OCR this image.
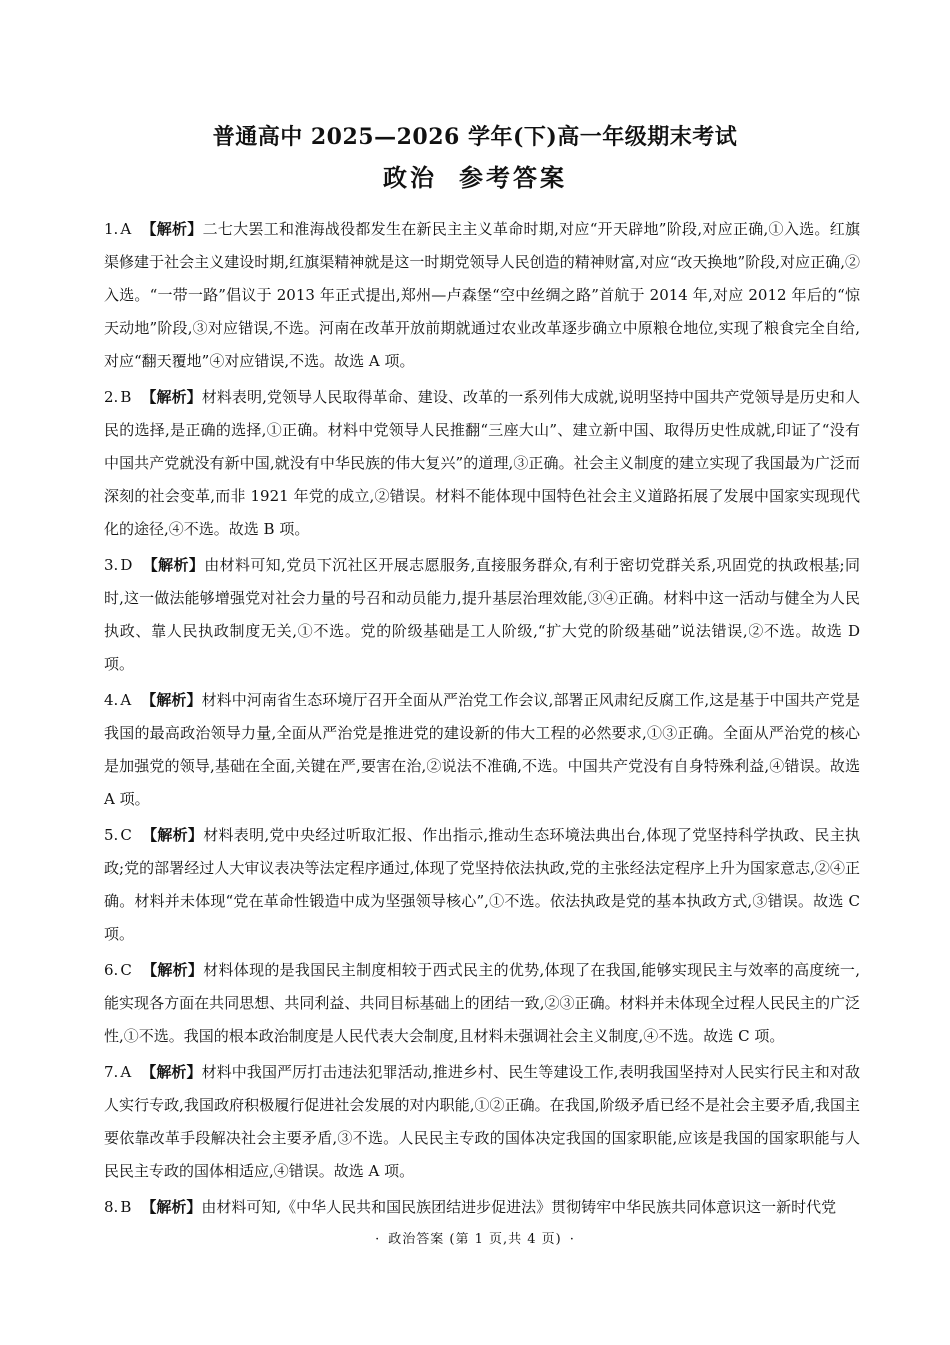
普通高中 2025—2026 学年(下)高一年级期末考试
政治 参考答案
1. A 【解析】二七大罢工和淮海战役都发生在新民主主义革命时期,对应“开天辟地”阶段,对应正确,①入选。红旗渠修建于社会主义建设时期,红旗渠精神就是这一时期党领导人民创造的精神财富,对应“改天换地”阶段,对应正确,②入选。“一带一路”倡议于 2013 年正式提出,郑州—卢森堡“空中丝绸之路”首航于 2014 年,对应 2012 年后的“惊天动地”阶段,③对应错误,不选。河南在改革开放前期就通过农业改革逐步确立中原粮仓地位,实现了粮食完全自给,对应“翻天覆地”④对应错误,不选。故选 A 项。
2. B 【解析】材料表明,党领导人民取得革命、建设、改革的一系列伟大成就,说明坚持中国共产党领导是历史和人民的选择,是正确的选择,①正确。材料中党领导人民推翻“三座大山”、建立新中国、取得历史性成就,印证了“没有中国共产党就没有新中国,就没有中华民族的伟大复兴”的道理,③正确。社会主义制度的建立实现了我国最为广泛而深刻的社会变革,而非 1921 年党的成立,②错误。材料不能体现中国特色社会主义道路拓展了发展中国家实现现代化的途径,④不选。故选 B 项。
3. D 【解析】由材料可知,党员下沉社区开展志愿服务,直接服务群众,有利于密切党群关系,巩固党的执政根基;同时,这一做法能够增强党对社会力量的号召和动员能力,提升基层治理效能,③④正确。材料中这一活动与健全为人民执政、靠人民执政制度无关,①不选。党的阶级基础是工人阶级,“扩大党的阶级基础”说法错误,②不选。故选 D 项。
4. A 【解析】材料中河南省生态环境厅召开全面从严治党工作会议,部署正风肃纪反腐工作,这是基于中国共产党是我国的最高政治领导力量,全面从严治党是推进党的建设新的伟大工程的必然要求,①③正确。全面从严治党的核心是加强党的领导,基础在全面,关键在严,要害在治,②说法不准确,不选。中国共产党没有自身特殊利益,④错误。故选 A 项。
5. C 【解析】材料表明,党中央经过听取汇报、作出指示,推动生态环境法典出台,体现了党坚持科学执政、民主执政;党的部署经过人大审议表决等法定程序通过,体现了党坚持依法执政,党的主张经法定程序上升为国家意志,②④正确。材料并未体现“党在革命性锻造中成为坚强领导核心”,①不选。依法执政是党的基本执政方式,③错误。故选 C 项。
6. C 【解析】材料体现的是我国民主制度相较于西式民主的优势,体现了在我国,能够实现民主与效率的高度统一,能实现各方面在共同思想、共同利益、共同目标基础上的团结一致,②③正确。材料并未体现全过程人民民主的广泛性,①不选。我国的根本政治制度是人民代表大会制度,且材料未强调社会主义制度,④不选。故选 C 项。
7. A 【解析】材料中我国严厉打击违法犯罪活动,推进乡村、民生等建设工作,表明我国坚持对人民实行民主和对敌人实行专政,我国政府积极履行促进社会发展的对内职能,①②正确。在我国,阶级矛盾已经不是社会主要矛盾,我国主要依靠改革手段解决社会主要矛盾,③不选。人民民主专政的国体决定我国的国家职能,应该是我国的国家职能与人民民主专政的国体相适应,④错误。故选 A 项。
8. B 【解析】由材料可知,《中华人民共和国民族团结进步促进法》贯彻铸牢中华民族共同体意识这一新时代党
· 政治答案 (第 1 页,共 4 页) ·
